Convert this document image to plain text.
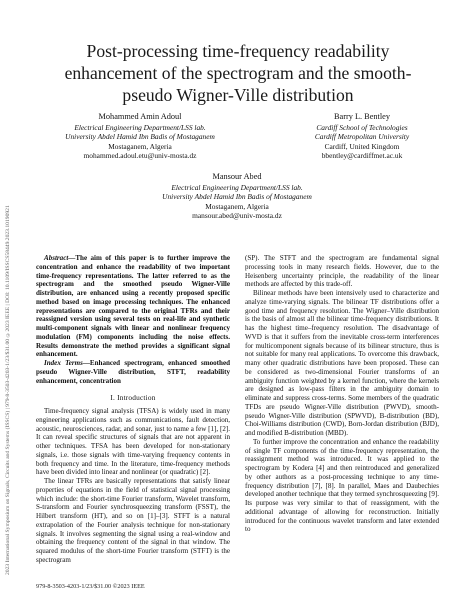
2023 International Symposium on Signals, Circuits and Systems (ISSCS) | 979-8-3503-4203-1/23/$31.00 ©2023 IEEE | DOI: 10.1109/ISSCS58449.2023.10190921
Post-processing time-frequency readability enhancement of the spectrogram and the smooth-pseudo Wigner-Ville distribution
Mohammed Amin Adoul
Electrical Engineering Department/LSS lab.
University Abdel Hamid Ibn Badis of Mostaganem
Mostaganem, Algeria
mohammed.adoul.etu@univ-mosta.dz
Barry L. Bentley
Cardiff School of Technologies
Cardiff Metropolitan University
Cardiff, United Kingdom
bbentley@cardiffmet.ac.uk
Mansour Abed
Electrical Engineering Department/LSS lab.
University Abdel Hamid Ibn Badis of Mostaganem
Mostaganem, Algeria
mansour.abed@univ-mosta.dz

Abstract—The aim of this paper is to further improve the concentration and enhance the readability of two important time-frequency representations. The latter referred to as the spectrogram and the smoothed pseudo Wigner-Ville distribution, are enhanced using a recently proposed specific method based on image processing techniques. The enhanced representations are compared to the original TFRs and their reassigned version using several tests on real-life and synthetic multi-component signals with linear and nonlinear frequency modulation (FM) components including the noise effects. Results demonstrate the method provides a significant signal enhancement.

Index Terms—Enhanced spectrogram, enhanced smoothed pseudo Wigner-Ville distribution, STFT, readability enhancement, concentration

I. Introduction

Time-frequency signal analysis (TFSA) is widely used in many engineering applications such as communications, fault detection, acoustic, neurosciences, radar, and sonar, just to name a few [1], [2]. It can reveal specific structures of signals that are not apparent in other techniques. TFSA has been developed for non-stationary signals, i.e. those signals with time-varying frequency contents in both frequency and time. In the literature, time-frequency methods have been divided into linear and nonlinear (or quadratic) [2].

The linear TFRs are basically representations that satisfy linear properties of equations in the field of statistical signal processing which include: the short-time Fourier transform, Wavelet transform, S-transform and Fourier synchrosqueezing transform (FSST), the Hilbert transform (HT), and so on [1]–[3]. STFT is a natural extrapolation of the Fourier analysis technique for non-stationary signals. It involves segmenting the signal using a real-window and obtaining the frequency content of the signal in that window. The squared modulus of the short-time Fourier transform (STFT) is the spectrogram

(SP). The STFT and the spectrogram are fundamental signal processing tools in many research fields. However, due to the Heisenberg uncertainty principle, the readability of the linear methods are affected by this trade-off.

Bilinear methods have been intensively used to characterize and analyze time-varying signals. The bilinear TF distributions offer a good time and frequency resolution. The Wigner–Ville distribution is the basis of almost all the bilinear time-frequency distributions. It has the highest time–frequency resolution. The disadvantage of WVD is that it suffers from the inevitable cross-term interferences for multicomponent signals because of its bilinear structure, thus is not suitable for many real applications. To overcome this drawback, many other quadratic distributions have been proposed. These can be considered as two-dimensional Fourier transforms of an ambiguity function weighted by a kernel function, where the kernels are designed as low-pass filters in the ambiguity domain to eliminate and suppress cross-terms. Some members of the quadratic TFDs are pseudo Wigner-Ville distribution (PWVD), smooth-pseudo Wigner-Ville distribution (SPWVD), B-distribution (BD), Choi-Williams distribution (CWD), Born-Jordan distribution (BJD), and modified B-distribution (MBD).

To further improve the concentration and enhance the readability of single TF components of the time-frequency representation, the reassignment method was introduced. It was applied to the spectrogram by Kodera [4] and then reintroduced and generalized by other authors as a post-processing technique to any time-frequency distribution [7], [8]. In parallel, Maes and Daubechies developed another technique that they termed synchrosqueezing [9]. Its purpose was very similar to that of reassignment, with the additional advantage of allowing for reconstruction. Initially introduced for the continuous wavelet transform and later extended to

979-8-3503-4203-1/23/$31.00 ©2023 IEEE
